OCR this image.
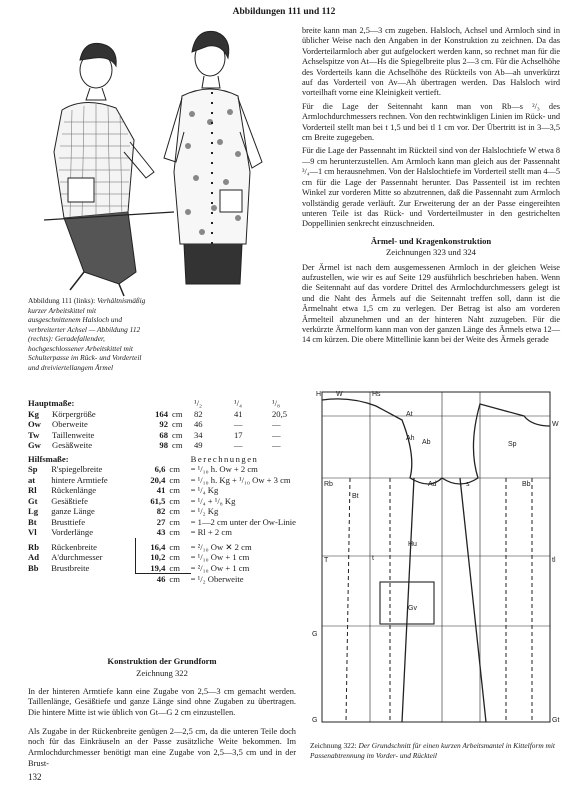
Abbildungen 111 und 112
Abbildung 111 (links): Verhältnismäßig kurzer Arbeitskittel mit ausgeschnittenem Halsloch und verbreiterter Achsel — Abbildung 112 (rechts): Geradefallender, hochgeschlossener Arbeitskittel mit Schulterpasse im Rück- und Vorderteil und dreiviertellangem Ärmel
Hauptmaße:				¹/₂	¹/₄	¹/₈
Kg	Körpergröße	164	cm	82	41	20,5
Ow	Oberweite	92	cm	46	—	—
Tw	Taillenweite	68	cm	34	17	—
Gw	Gesäßweite	98	cm	49	—	—
Hilfsmaße:				Berechnungen
Sp	R'spiegelbreite	6,6	cm	= ¹/₁₀ h. Ow + 2 cm
at	hintere Armtiefe	20,4	cm	= ¹/₁₀ h. Kg + ¹/₁₀ Ow + 3 cm
Rl	Rückenlänge	41	cm	= ¹/₄ Kg
Gt	Gesäßtiefe	61,5	cm	= ¹/₄ + ¹/₈ Kg
Lg	ganze Länge	82	cm	= ¹/₂ Kg
Bt	Brusttiefe	27	cm	= 1—2 cm unter der Ow-Linie
Vl	Vorderlänge	43	cm	= Rl + 2 cm
Rb	Rückenbreite	16,4	cm	= ²/₁₀ Ow ✕ 2 cm
Ad	A'durchmesser	10,2	cm	= ¹/₁₀ Ow + 1 cm
Bb	Brustbreite	19,4	cm	= ²/₁₀ Ow + 1 cm
		46	cm	= ¹/₂ Oberweite
Konstruktion der Grundform
Zeichnung 322

In der hinteren Armtiefe kann eine Zugabe von 2,5—3 cm gemacht werden. Taillenlänge, Gesäßtiefe und ganze Länge sind ohne Zugaben zu übertragen. Die hintere Mitte ist wie üblich von Gt—G 2 cm einzustellen.

Als Zugabe in der Rückenbreite genügen 2—2,5 cm, da die unteren Teile doch noch für das Einkräuseln an der Passe zusätzliche Weite bekommen. Im Armlochdurchmesser benötigt man eine Zugabe von 2,5—3,5 cm und in der Brust-

breite kann man 2,5—3 cm zugeben. Halsloch, Achsel und Armloch sind in üblicher Weise nach den Angaben in der Konstruktion zu zeichnen. Da das Vorderteilarmloch aber gut aufgelockert werden kann, so rechnet man für die Achselspitze von At—Hs die Spiegelbreite plus 2—3 cm. Für die Achselhöhe des Vorderteils kann die Achselhöhe des Rückteils von Ab—ah unverkürzt auf das Vorderteil von Av—Ah übertragen werden. Das Halsloch wird vorteilhaft vorne eine Kleinigkeit vertieft.

Für die Lage der Seitennaht kann man von Rb—s ²/₃ des Armlochdurchmessers rechnen. Von den rechtwinkligen Linien im Rück- und Vorderteil stellt man bei t 1,5 und bei tl 1 cm vor. Der Übertritt ist in 3—3,5 cm Breite zugegeben.

Für die Lage der Passennaht im Rückteil sind von der Halslochtiefe W etwa 8—9 cm herunterzustellen. Am Armloch kann man gleich aus der Passennaht ³/₄—1 cm herausnehmen. Von der Halslochtiefe im Vorderteil stellt man 4—5 cm für die Lage der Passennaht herunter. Das Passenteil ist im rechten Winkel zur vorderen Mitte so abzutrennen, daß die Passennaht zum Armloch vollständig gerade verläuft. Zur Erweiterung der an der Passe eingereihten unteren Teile ist das Rück- und Vorderteilmuster in den gestrichelten Doppellinien senkrecht einzuschneiden.

Ärmel- und Kragenkonstruktion
Zeichnungen 323 und 324

Der Ärmel ist nach dem ausgemessenen Armloch in der gleichen Weise aufzustellen, wie wir es auf Seite 129 ausführlich beschrieben haben. Wenn die Seitennaht auf das vordere Drittel des Armlochdurchmessers gelegt ist und die Naht des Ärmels auf die Seitennaht treffen soll, dann ist die Ärmelnaht etwa 1,5 cm zu verlegen. Der Betrag ist also am vorderen Ärmelteil abzunehmen und an der hinteren Naht zuzugeben. Für die verkürzte Ärmelform kann man von der ganzen Länge des Ärmels etwa 12—14 cm kürzen. Die obere Mittellinie kann bei der Weite des Ärmels gerade

H W	Hs
At
Ah
Ab	Sp
W
Rb	Bb
Bt
s
Ad
G
Gv
Hu
T	tl
t
G	Gt
Zeichnung 322: Der Grundschnitt für einen kurzen Arbeitsmantel in Kittelform mit Passenabtrennung im Vorder- und Rückteil
132
